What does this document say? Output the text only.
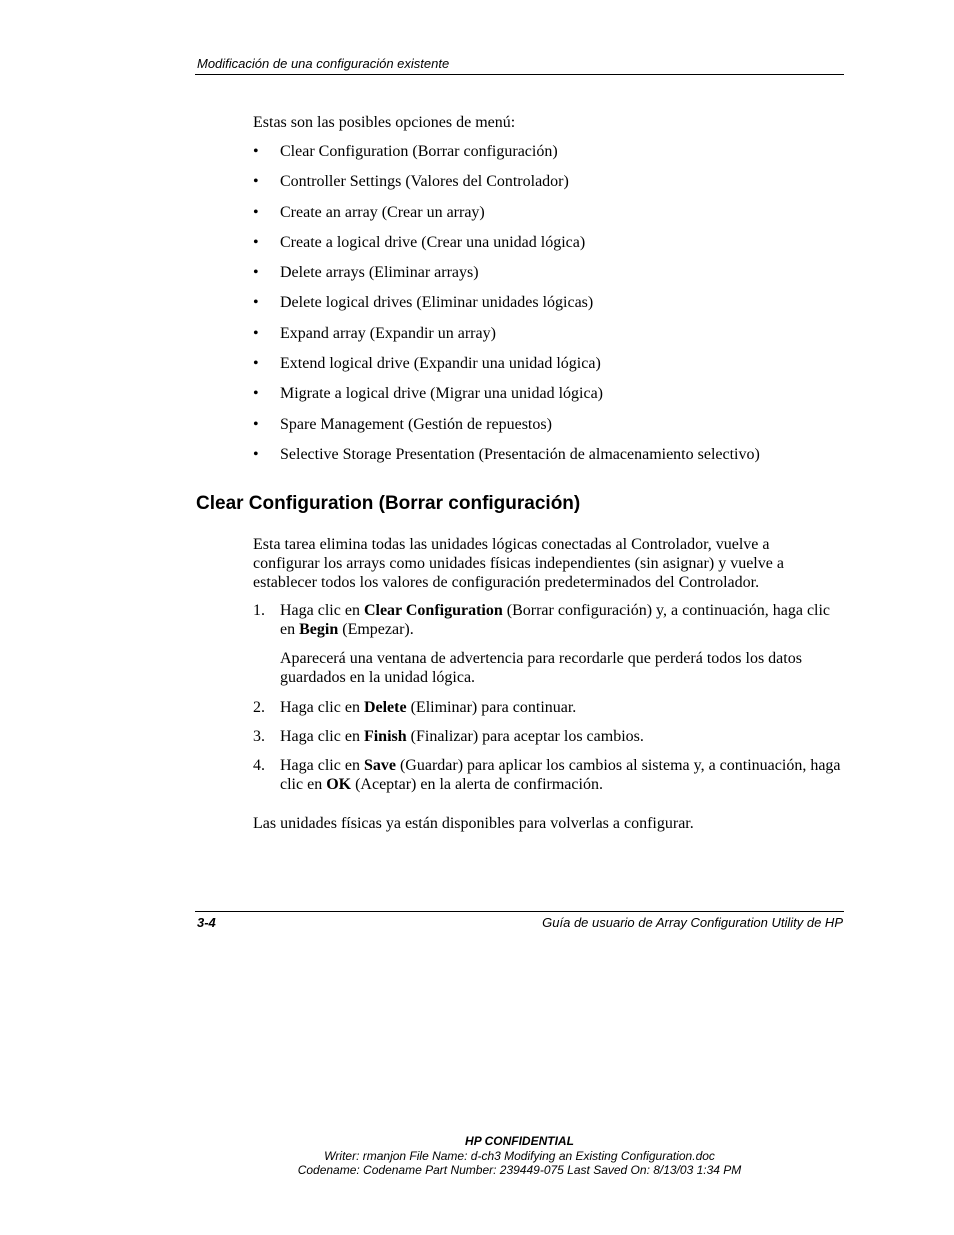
Modificación de una configuración existente
Estas son las posibles opciones de menú:
• Clear Configuration (Borrar configuración)
• Controller Settings (Valores del Controlador)
• Create an array (Crear un array)
• Create a logical drive (Crear una unidad lógica)
• Delete arrays (Eliminar arrays)
• Delete logical drives (Eliminar unidades lógicas)
• Expand array (Expandir un array)
• Extend logical drive (Expandir una unidad lógica)
• Migrate a logical drive (Migrar una unidad lógica)
• Spare Management (Gestión de repuestos)
• Selective Storage Presentation (Presentación de almacenamiento selectivo)
Clear Configuration (Borrar configuración)
Esta tarea elimina todas las unidades lógicas conectadas al Controlador, vuelve a configurar los arrays como unidades físicas independientes (sin asignar) y vuelve a establecer todos los valores de configuración predeterminados del Controlador.
1. Haga clic en Clear Configuration (Borrar configuración) y, a continuación, haga clic en Begin (Empezar).

Aparecerá una ventana de advertencia para recordarle que perderá todos los datos guardados en la unidad lógica.

2. Haga clic en Delete (Eliminar) para continuar.

3. Haga clic en Finish (Finalizar) para aceptar los cambios.

4. Haga clic en Save (Guardar) para aplicar los cambios al sistema y, a continuación, haga clic en OK (Aceptar) en la alerta de confirmación.

Las unidades físicas ya están disponibles para volverlas a configurar.
3-4	Guía de usuario de Array Configuration Utility de HP
HP CONFIDENTIAL
Writer: rmanjon File Name: d-ch3 Modifying an Existing Configuration.doc
Codename: Codename Part Number: 239449-075 Last Saved On: 8/13/03 1:34 PM
